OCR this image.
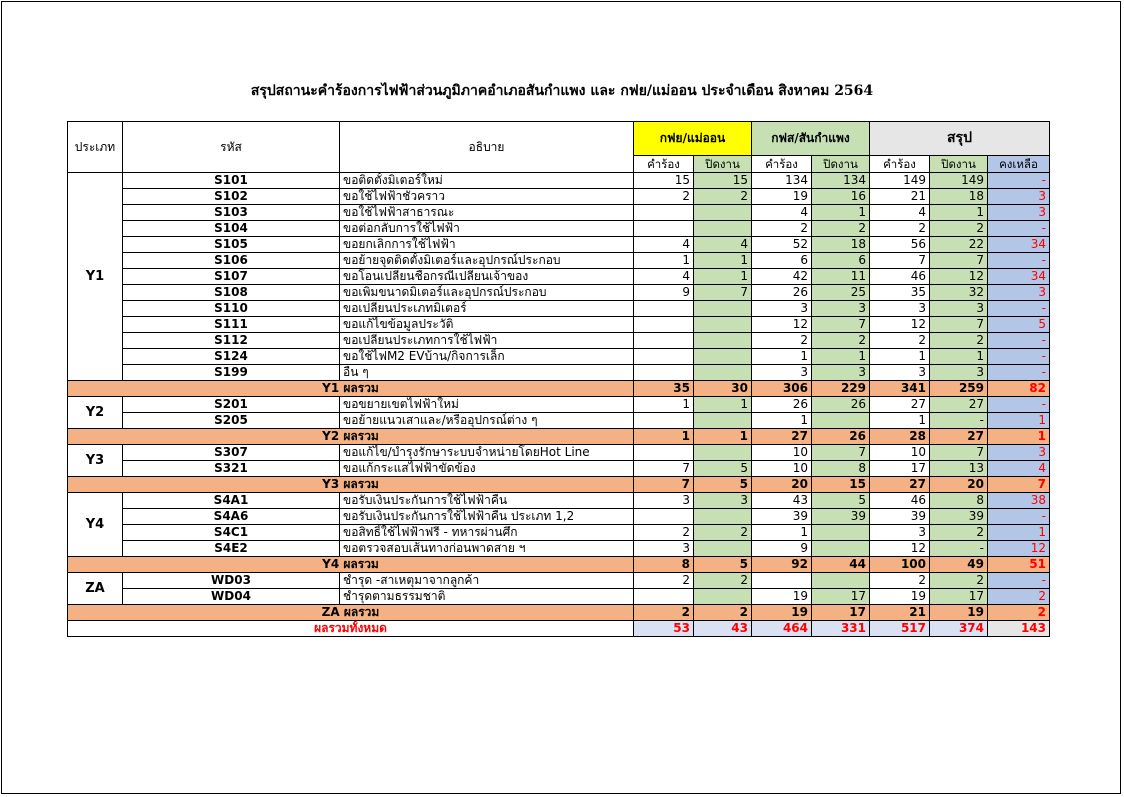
สรุปสถานะคำร้องการไฟฟ้าส่วนภูมิภาคอำเภอสันกำแพง และ กฟย/แม่ออน ประจำเดือน สิงหาคม 2564
ประเภท	รหัส	อธิบาย	กฟย/แม่ออน		กฟส/สันกำแพง		สรุป		
			คำร้อง	ปิดงาน	คำร้อง	ปิดงาน	คำร้อง	ปิดงาน	คงเหลือ
Y1	S101	ขอติดตั้งมิเตอร์ใหม่	15	15	134	134	149	149	-
	S102	ขอใช้ไฟฟ้าชั่วคราว	2	2	19	16	21	18	3
	S103	ขอใช้ไฟฟ้าสาธารณะ			4	1	4	1	3
	S104	ขอต่อกลับการใช้ไฟฟ้า			2	2	2	2	-
	S105	ขอยกเลิกการใช้ไฟฟ้า	4	4	52	18	56	22	34
	S106	ขอย้ายจุดติดตั้งมิเตอร์และอุปกรณ์ประกอบ	1	1	6	6	7	7	-
	S107	ขอโอนเปลี่ยนชื่อกรณีเปลี่ยนเจ้าของ	4	1	42	11	46	12	34
	S108	ขอเพิ่มขนาดมิเตอร์และอุปกรณ์ประกอบ	9	7	26	25	35	32	3
	S110	ขอเปลี่ยนประเภทมิเตอร์			3	3	3	3	-
	S111	ขอแก้ไขข้อมูลประวัติ			12	7	12	7	5
	S112	ขอเปลี่ยนประเภทการใช้ไฟฟ้า			2	2	2	2	-
	S124	ขอใช้ไฟM2 EVบ้าน/กิจการเล็ก			1	1	1	1	-
	S199	อื่น ๆ			3	3	3	3	-
Y1 ผลรวม			35	30	306	229	341	259	82
Y2	S201	ขอขยายเขตไฟฟ้าใหม่	1	1	26	26	27	27	-
	S205	ขอย้ายแนวเสาและ/หรืออุปกรณ์ต่าง ๆ			1		1	-	1
Y2 ผลรวม			1	1	27	26	28	27	1
Y3	S307	ขอแก้ไข/บำรุงรักษาระบบจำหน่ายโดยHot Line			10	7	10	7	3
	S321	ขอแก้กระแสไฟฟ้าขัดข้อง	7	5	10	8	17	13	4
Y3 ผลรวม			7	5	20	15	27	20	7
Y4	S4A1	ขอรับเงินประกันการใช้ไฟฟ้าคืน	3	3	43	5	46	8	38
	S4A6	ขอรับเงินประกันการใช้ไฟฟ้าคืน ประเภท 1,2			39	39	39	39	-
	S4C1	ขอสิทธิ์ใช้ไฟฟ้าฟรี - ทหารผ่านศึก	2	2	1		3	2	1
	S4E2	ขอตรวจสอบเส้นทางก่อนพาดสาย ฯ	3		9		12	-	12
Y4 ผลรวม			8	5	92	44	100	49	51
ZA	WD03	ชำรุด -สาเหตุมาจากลูกค้า	2	2			2	2	-
	WD04	ชำรุดตามธรรมชาติ			19	17	19	17	2
ZA ผลรวม			2	2	19	17	21	19	2
ผลรวมทั้งหมด			53	43	464	331	517	374	143
